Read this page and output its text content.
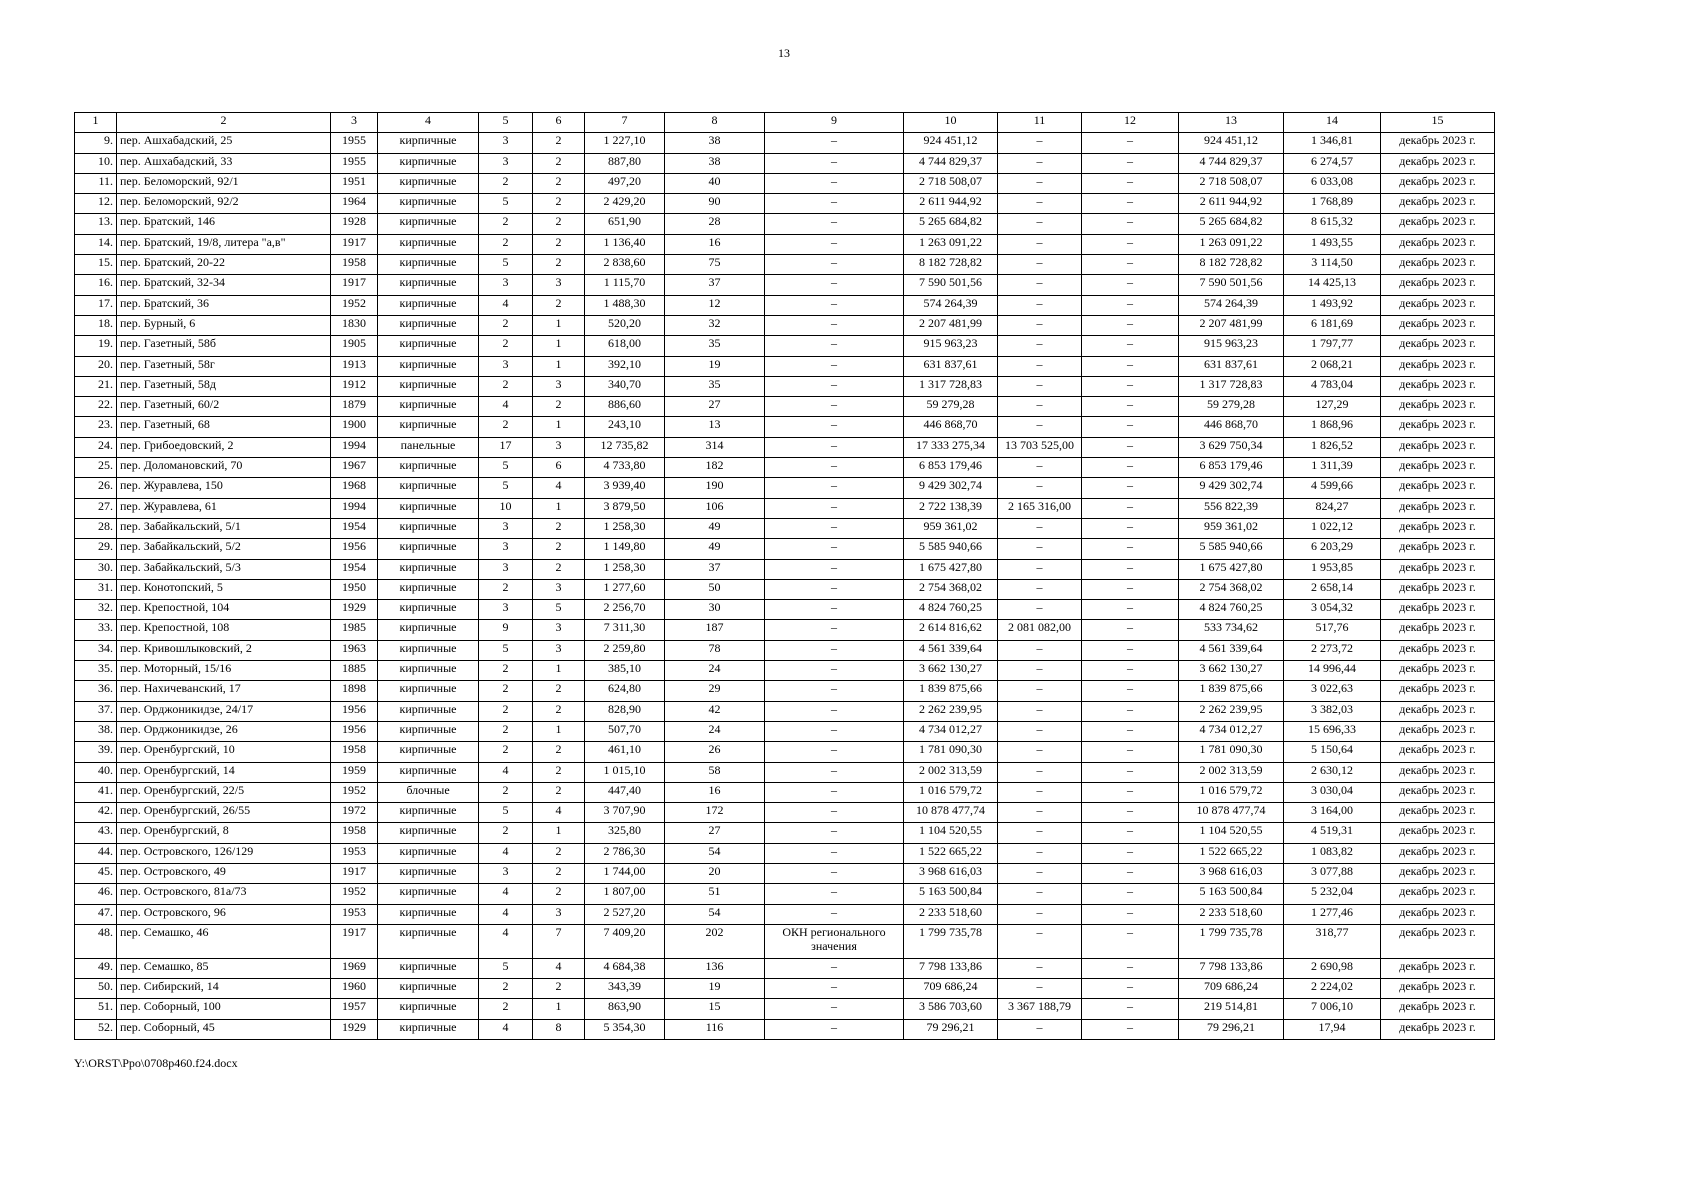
13
1	2	3	4	5	6	7	8	9	10	11	12	13	14	15
9.	пер. Ашхабадский, 25	1955	кирпичные	3	2	1 227,10	38	–	924 451,12	–	–	924 451,12	1 346,81	декабрь 2023 г.
10.	пер. Ашхабадский, 33	1955	кирпичные	3	2	887,80	38	–	4 744 829,37	–	–	4 744 829,37	6 274,57	декабрь 2023 г.
11.	пер. Беломорский, 92/1	1951	кирпичные	2	2	497,20	40	–	2 718 508,07	–	–	2 718 508,07	6 033,08	декабрь 2023 г.
12.	пер. Беломорский, 92/2	1964	кирпичные	5	2	2 429,20	90	–	2 611 944,92	–	–	2 611 944,92	1 768,89	декабрь 2023 г.
13.	пер. Братский, 146	1928	кирпичные	2	2	651,90	28	–	5 265 684,82	–	–	5 265 684,82	8 615,32	декабрь 2023 г.
14.	пер. Братский, 19/8, литера "а,в"	1917	кирпичные	2	2	1 136,40	16	–	1 263 091,22	–	–	1 263 091,22	1 493,55	декабрь 2023 г.
15.	пер. Братский, 20-22	1958	кирпичные	5	2	2 838,60	75	–	8 182 728,82	–	–	8 182 728,82	3 114,50	декабрь 2023 г.
16.	пер. Братский, 32-34	1917	кирпичные	3	3	1 115,70	37	–	7 590 501,56	–	–	7 590 501,56	14 425,13	декабрь 2023 г.
17.	пер. Братский, 36	1952	кирпичные	4	2	1 488,30	12	–	574 264,39	–	–	574 264,39	1 493,92	декабрь 2023 г.
18.	пер. Бурный, 6	1830	кирпичные	2	1	520,20	32	–	2 207 481,99	–	–	2 207 481,99	6 181,69	декабрь 2023 г.
19.	пер. Газетный, 58б	1905	кирпичные	2	1	618,00	35	–	915 963,23	–	–	915 963,23	1 797,77	декабрь 2023 г.
20.	пер. Газетный, 58г	1913	кирпичные	3	1	392,10	19	–	631 837,61	–	–	631 837,61	2 068,21	декабрь 2023 г.
21.	пер. Газетный, 58д	1912	кирпичные	2	3	340,70	35	–	1 317 728,83	–	–	1 317 728,83	4 783,04	декабрь 2023 г.
22.	пер. Газетный, 60/2	1879	кирпичные	4	2	886,60	27	–	59 279,28	–	–	59 279,28	127,29	декабрь 2023 г.
23.	пер. Газетный, 68	1900	кирпичные	2	1	243,10	13	–	446 868,70	–	–	446 868,70	1 868,96	декабрь 2023 г.
24.	пер. Грибоедовский, 2	1994	панельные	17	3	12 735,82	314	–	17 333 275,34	13 703 525,00	–	3 629 750,34	1 826,52	декабрь 2023 г.
25.	пер. Доломановский, 70	1967	кирпичные	5	6	4 733,80	182	–	6 853 179,46	–	–	6 853 179,46	1 311,39	декабрь 2023 г.
26.	пер. Журавлева, 150	1968	кирпичные	5	4	3 939,40	190	–	9 429 302,74	–	–	9 429 302,74	4 599,66	декабрь 2023 г.
27.	пер. Журавлева, 61	1994	кирпичные	10	1	3 879,50	106	–	2 722 138,39	2 165 316,00	–	556 822,39	824,27	декабрь 2023 г.
28.	пер. Забайкальский, 5/1	1954	кирпичные	3	2	1 258,30	49	–	959 361,02	–	–	959 361,02	1 022,12	декабрь 2023 г.
29.	пер. Забайкальский, 5/2	1956	кирпичные	3	2	1 149,80	49	–	5 585 940,66	–	–	5 585 940,66	6 203,29	декабрь 2023 г.
30.	пер. Забайкальский, 5/3	1954	кирпичные	3	2	1 258,30	37	–	1 675 427,80	–	–	1 675 427,80	1 953,85	декабрь 2023 г.
31.	пер. Конотопский, 5	1950	кирпичные	2	3	1 277,60	50	–	2 754 368,02	–	–	2 754 368,02	2 658,14	декабрь 2023 г.
32.	пер. Крепостной, 104	1929	кирпичные	3	5	2 256,70	30	–	4 824 760,25	–	–	4 824 760,25	3 054,32	декабрь 2023 г.
33.	пер. Крепостной, 108	1985	кирпичные	9	3	7 311,30	187	–	2 614 816,62	2 081 082,00	–	533 734,62	517,76	декабрь 2023 г.
34.	пер. Кривошлыковский, 2	1963	кирпичные	5	3	2 259,80	78	–	4 561 339,64	–	–	4 561 339,64	2 273,72	декабрь 2023 г.
35.	пер. Моторный, 15/16	1885	кирпичные	2	1	385,10	24	–	3 662 130,27	–	–	3 662 130,27	14 996,44	декабрь 2023 г.
36.	пер. Нахичеванский, 17	1898	кирпичные	2	2	624,80	29	–	1 839 875,66	–	–	1 839 875,66	3 022,63	декабрь 2023 г.
37.	пер. Орджоникидзе, 24/17	1956	кирпичные	2	2	828,90	42	–	2 262 239,95	–	–	2 262 239,95	3 382,03	декабрь 2023 г.
38.	пер. Орджоникидзе, 26	1956	кирпичные	2	1	507,70	24	–	4 734 012,27	–	–	4 734 012,27	15 696,33	декабрь 2023 г.
39.	пер. Оренбургский, 10	1958	кирпичные	2	2	461,10	26	–	1 781 090,30	–	–	1 781 090,30	5 150,64	декабрь 2023 г.
40.	пер. Оренбургский, 14	1959	кирпичные	4	2	1 015,10	58	–	2 002 313,59	–	–	2 002 313,59	2 630,12	декабрь 2023 г.
41.	пер. Оренбургский, 22/5	1952	блочные	2	2	447,40	16	–	1 016 579,72	–	–	1 016 579,72	3 030,04	декабрь 2023 г.
42.	пер. Оренбургский, 26/55	1972	кирпичные	5	4	3 707,90	172	–	10 878 477,74	–	–	10 878 477,74	3 164,00	декабрь 2023 г.
43.	пер. Оренбургский, 8	1958	кирпичные	2	1	325,80	27	–	1 104 520,55	–	–	1 104 520,55	4 519,31	декабрь 2023 г.
44.	пер. Островского, 126/129	1953	кирпичные	4	2	2 786,30	54	–	1 522 665,22	–	–	1 522 665,22	1 083,82	декабрь 2023 г.
45.	пер. Островского, 49	1917	кирпичные	3	2	1 744,00	20	–	3 968 616,03	–	–	3 968 616,03	3 077,88	декабрь 2023 г.
46.	пер. Островского, 81а/73	1952	кирпичные	4	2	1 807,00	51	–	5 163 500,84	–	–	5 163 500,84	5 232,04	декабрь 2023 г.
47.	пер. Островского, 96	1953	кирпичные	4	3	2 527,20	54	–	2 233 518,60	–	–	2 233 518,60	1 277,46	декабрь 2023 г.
48.	пер. Семашко, 46	1917	кирпичные	4	7	7 409,20	202	ОКН регионального значения	1 799 735,78	–	–	1 799 735,78	318,77	декабрь 2023 г.
49.	пер. Семашко, 85	1969	кирпичные	5	4	4 684,38	136	–	7 798 133,86	–	–	7 798 133,86	2 690,98	декабрь 2023 г.
50.	пер. Сибирский, 14	1960	кирпичные	2	2	343,39	19	–	709 686,24	–	–	709 686,24	2 224,02	декабрь 2023 г.
51.	пер. Соборный, 100	1957	кирпичные	2	1	863,90	15	–	3 586 703,60	3 367 188,79	–	219 514,81	7 006,10	декабрь 2023 г.
52.	пер. Соборный, 45	1929	кирпичные	4	8	5 354,30	116	–	79 296,21	–	–	79 296,21	17,94	декабрь 2023 г.
Y:\ORST\Ppo\0708p460.f24.docx
